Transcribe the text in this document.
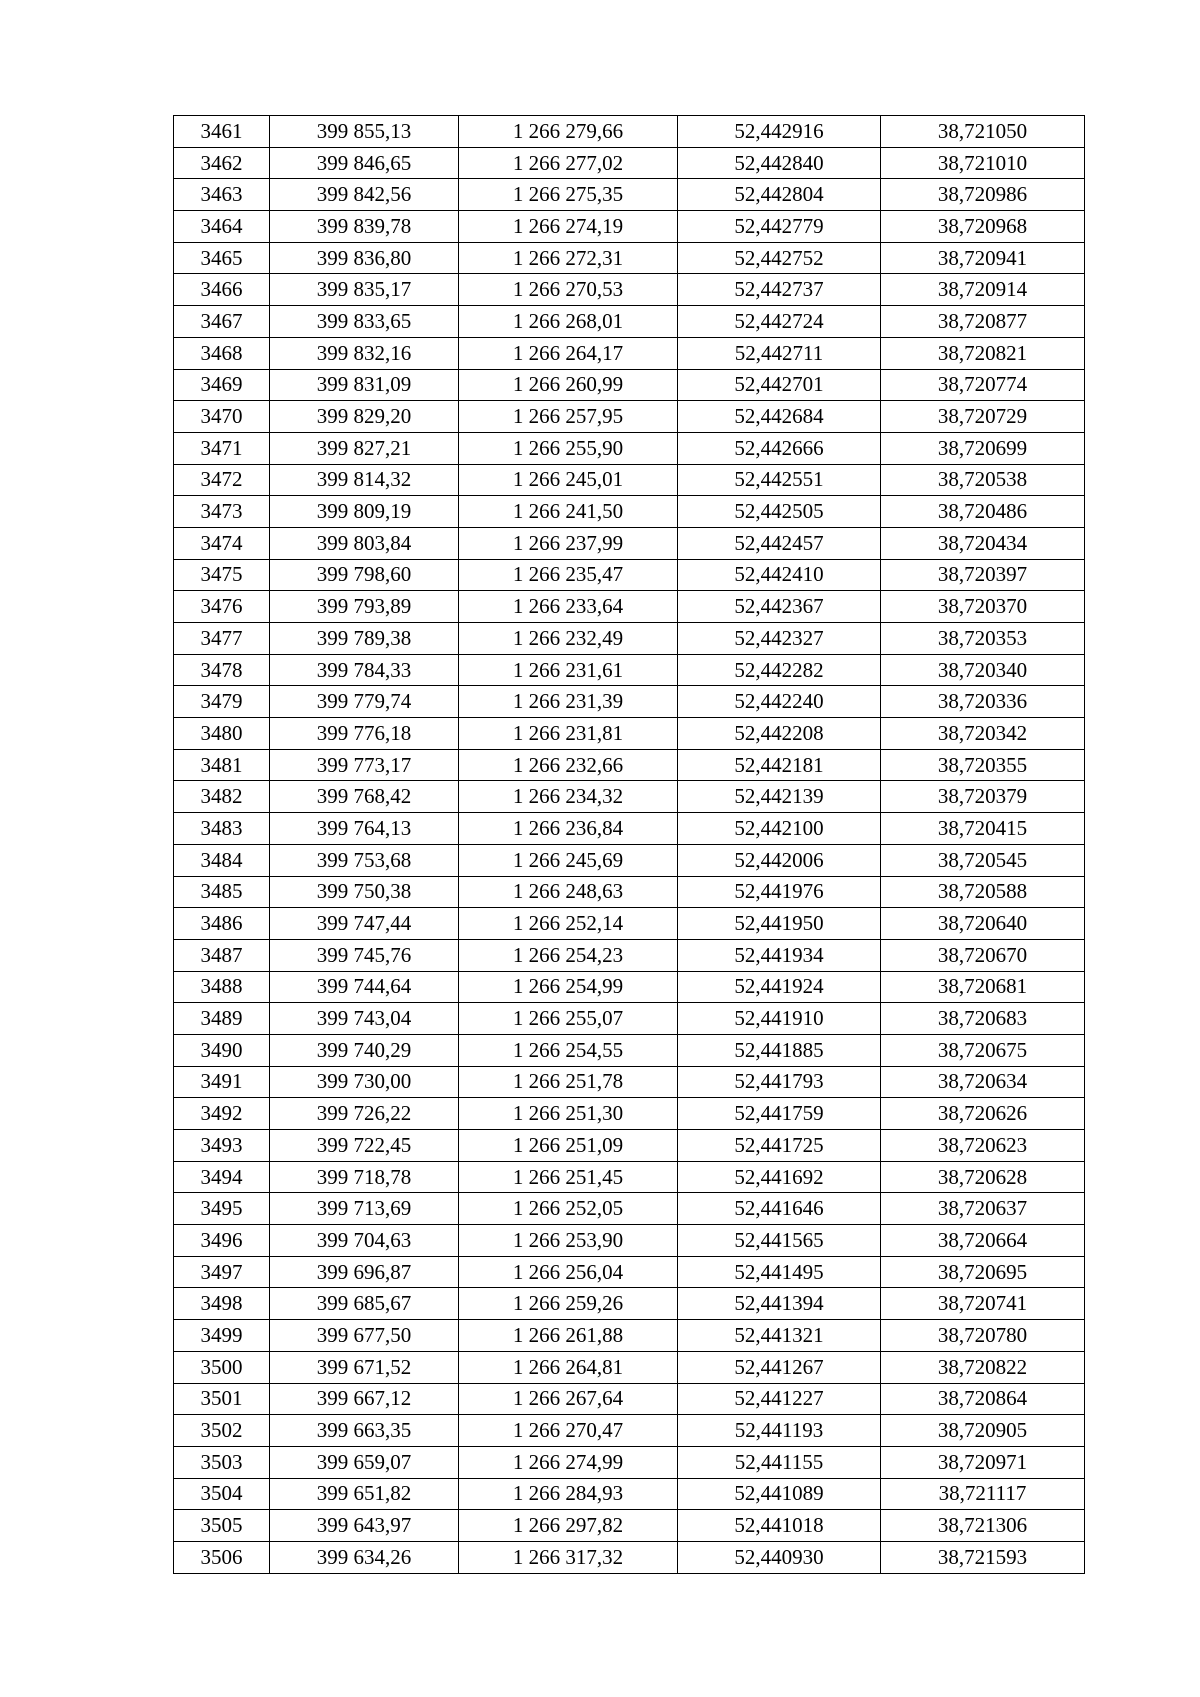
3461	399 855,13	1 266 279,66	52,442916	38,721050
3462	399 846,65	1 266 277,02	52,442840	38,721010
3463	399 842,56	1 266 275,35	52,442804	38,720986
3464	399 839,78	1 266 274,19	52,442779	38,720968
3465	399 836,80	1 266 272,31	52,442752	38,720941
3466	399 835,17	1 266 270,53	52,442737	38,720914
3467	399 833,65	1 266 268,01	52,442724	38,720877
3468	399 832,16	1 266 264,17	52,442711	38,720821
3469	399 831,09	1 266 260,99	52,442701	38,720774
3470	399 829,20	1 266 257,95	52,442684	38,720729
3471	399 827,21	1 266 255,90	52,442666	38,720699
3472	399 814,32	1 266 245,01	52,442551	38,720538
3473	399 809,19	1 266 241,50	52,442505	38,720486
3474	399 803,84	1 266 237,99	52,442457	38,720434
3475	399 798,60	1 266 235,47	52,442410	38,720397
3476	399 793,89	1 266 233,64	52,442367	38,720370
3477	399 789,38	1 266 232,49	52,442327	38,720353
3478	399 784,33	1 266 231,61	52,442282	38,720340
3479	399 779,74	1 266 231,39	52,442240	38,720336
3480	399 776,18	1 266 231,81	52,442208	38,720342
3481	399 773,17	1 266 232,66	52,442181	38,720355
3482	399 768,42	1 266 234,32	52,442139	38,720379
3483	399 764,13	1 266 236,84	52,442100	38,720415
3484	399 753,68	1 266 245,69	52,442006	38,720545
3485	399 750,38	1 266 248,63	52,441976	38,720588
3486	399 747,44	1 266 252,14	52,441950	38,720640
3487	399 745,76	1 266 254,23	52,441934	38,720670
3488	399 744,64	1 266 254,99	52,441924	38,720681
3489	399 743,04	1 266 255,07	52,441910	38,720683
3490	399 740,29	1 266 254,55	52,441885	38,720675
3491	399 730,00	1 266 251,78	52,441793	38,720634
3492	399 726,22	1 266 251,30	52,441759	38,720626
3493	399 722,45	1 266 251,09	52,441725	38,720623
3494	399 718,78	1 266 251,45	52,441692	38,720628
3495	399 713,69	1 266 252,05	52,441646	38,720637
3496	399 704,63	1 266 253,90	52,441565	38,720664
3497	399 696,87	1 266 256,04	52,441495	38,720695
3498	399 685,67	1 266 259,26	52,441394	38,720741
3499	399 677,50	1 266 261,88	52,441321	38,720780
3500	399 671,52	1 266 264,81	52,441267	38,720822
3501	399 667,12	1 266 267,64	52,441227	38,720864
3502	399 663,35	1 266 270,47	52,441193	38,720905
3503	399 659,07	1 266 274,99	52,441155	38,720971
3504	399 651,82	1 266 284,93	52,441089	38,721117
3505	399 643,97	1 266 297,82	52,441018	38,721306
3506	399 634,26	1 266 317,32	52,440930	38,721593
